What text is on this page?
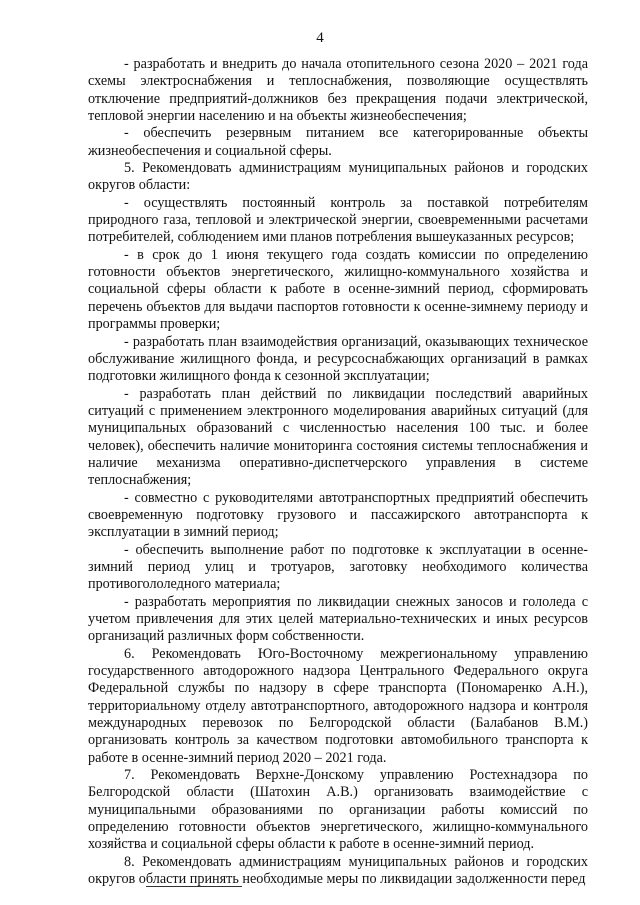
4

- разработать и внедрить до начала отопительного сезона 2020 – 2021 года схемы электроснабжения и теплоснабжения, позволяющие осуществлять отключение предприятий-должников без прекращения подачи электрической, тепловой энергии населению и на объекты жизнеобеспечения;

- обеспечить резервным питанием все категорированные объекты жизнеобеспечения и социальной сферы.

5. Рекомендовать администрациям муниципальных районов и городских округов области:

- осуществлять постоянный контроль за поставкой потребителям природного газа, тепловой и электрической энергии, своевременными расчетами потребителей, соблюдением ими планов потребления вышеуказанных ресурсов;

- в срок до 1 июня текущего года создать комиссии по определению готовности объектов энергетического, жилищно-коммунального хозяйства и социальной сферы области к работе в осенне-зимний период, сформировать перечень объектов для выдачи паспортов готовности к осенне-зимнему периоду и программы проверки;

- разработать план взаимодействия организаций, оказывающих техническое обслуживание жилищного фонда, и ресурсоснабжающих организаций в рамках подготовки жилищного фонда к сезонной эксплуатации;

- разработать план действий по ликвидации последствий аварийных ситуаций с применением электронного моделирования аварийных ситуаций (для муниципальных образований с численностью населения 100 тыс. и более человек), обеспечить наличие мониторинга состояния системы теплоснабжения и наличие механизма оперативно-диспетчерского управления в системе теплоснабжения;

- совместно с руководителями автотранспортных предприятий обеспечить своевременную подготовку грузового и пассажирского автотранспорта к эксплуатации в зимний период;

- обеспечить выполнение работ по подготовке к эксплуатации в осенне-зимний период улиц и тротуаров, заготовку необходимого количества противогололедного материала;

- разработать мероприятия по ликвидации снежных заносов и гололеда с учетом привлечения для этих целей материально-технических и иных ресурсов организаций различных форм собственности.

6. Рекомендовать Юго-Восточному межрегиональному управлению государственного автодорожного надзора Центрального Федерального округа Федеральной службы по надзору в сфере транспорта (Пономаренко А.Н.), территориальному отделу автотранспортного, автодорожного надзора и контроля международных перевозок по Белгородской области (Балабанов В.М.) организовать контроль за качеством подготовки автомобильного транспорта к работе в осенне-зимний период 2020 – 2021 года.

7. Рекомендовать Верхне-Донскому управлению Ростехнадзора по Белгородской области (Шатохин А.В.) организовать взаимодействие с муниципальными образованиями по организации работы комиссий по определению готовности объектов энергетического, жилищно-коммунального хозяйства и социальной сферы области к работе в осенне-зимний период.

8. Рекомендовать администрациям муниципальных районов и городских округов области принять необходимые меры по ликвидации задолженности перед
